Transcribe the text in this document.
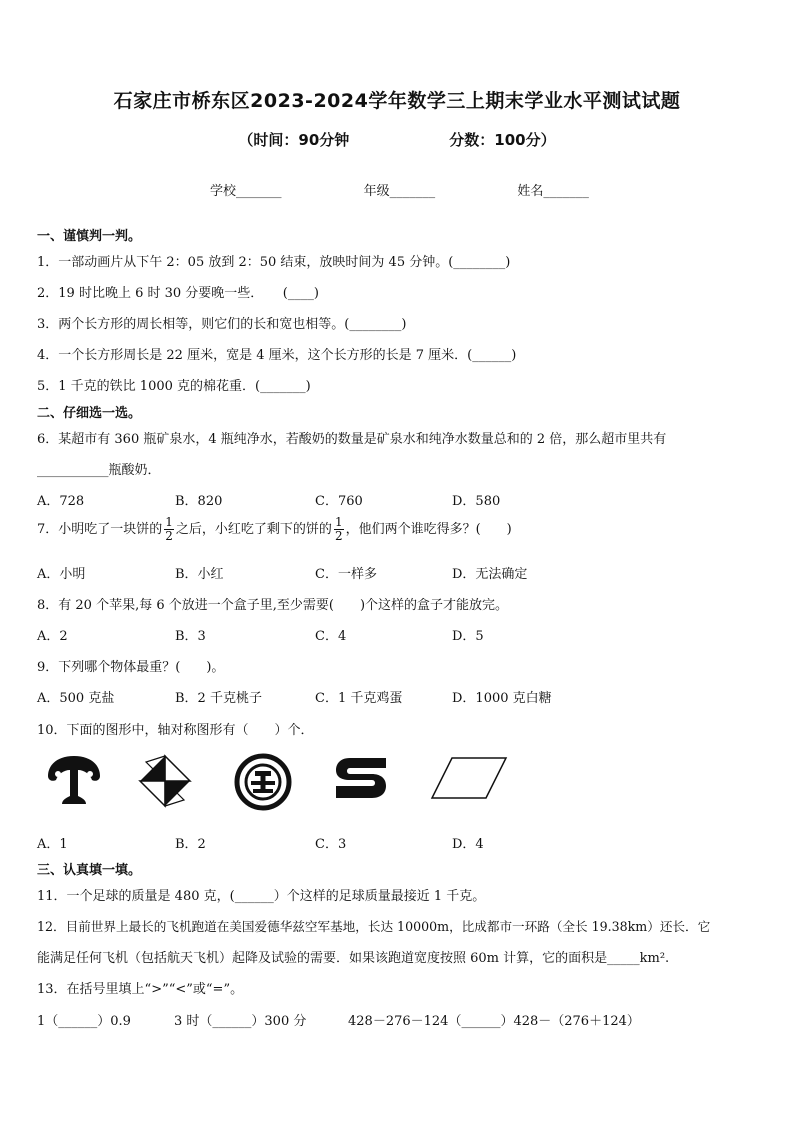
石家庄市桥东区2023-2024学年数学三上期末学业水平测试试题
（时间：90分钟	分数：100分）
学校_______	年级_______	姓名_______
一、谨慎判一判。
1．一部动画片从下午 2：05 放到 2：50 结束，放映时间为 45 分钟。(________)
2．19 时比晚上 6 时 30 分要晚一些．　　(____)
3．两个长方形的周长相等，则它们的长和宽也相等。(________)
4．一个长方形周长是 22 厘米，宽是 4 厘米，这个长方形的长是 7 厘米．(______)
5．1 千克的铁比 1000 克的棉花重．(_______)
二、仔细选一选。
6．某超市有 360 瓶矿泉水，4 瓶纯净水，若酸奶的数量是矿泉水和纯净水数量总和的 2 倍，那么超市里共有
___________瓶酸奶．
A．728	B．820	C．760	D．580
7．小明吃了一块饼的 $\frac{1}{2}$ 之后，小红吃了剩下的饼的 $\frac{1}{2}$ ，他们两个谁吃得多？(　　)
A．小明	B．小红	C．一样多	D．无法确定
8．有 20 个苹果,每 6 个放进一个盒子里,至少需要(　　)个这样的盒子才能放完。
A．2	B．3	C．4	D．5
9．下列哪个物体最重？(　　)。
A．500 克盐	B．2 千克桃子	C．1 千克鸡蛋	D．1000 克白糖
10．下面的图形中，轴对称图形有（　　）个．
A．1	B．2	C．3	D．4
三、认真填一填。
11．一个足球的质量是 480 克，(______）个这样的足球质量最接近 1 千克。
12．目前世界上最长的飞机跑道在美国爱德华兹空军基地，长达 10000m，比成都市一环路（全长 19.38km）还长．它
能满足任何飞机（包括航天飞机）起降及试验的需要．如果该跑道宽度按照 60m 计算，它的面积是_____km².
13．在括号里填上“>”“<”或“=”。
1（______）0.9	3 时（______）300 分	428－276－124（______）428－（276＋124）
